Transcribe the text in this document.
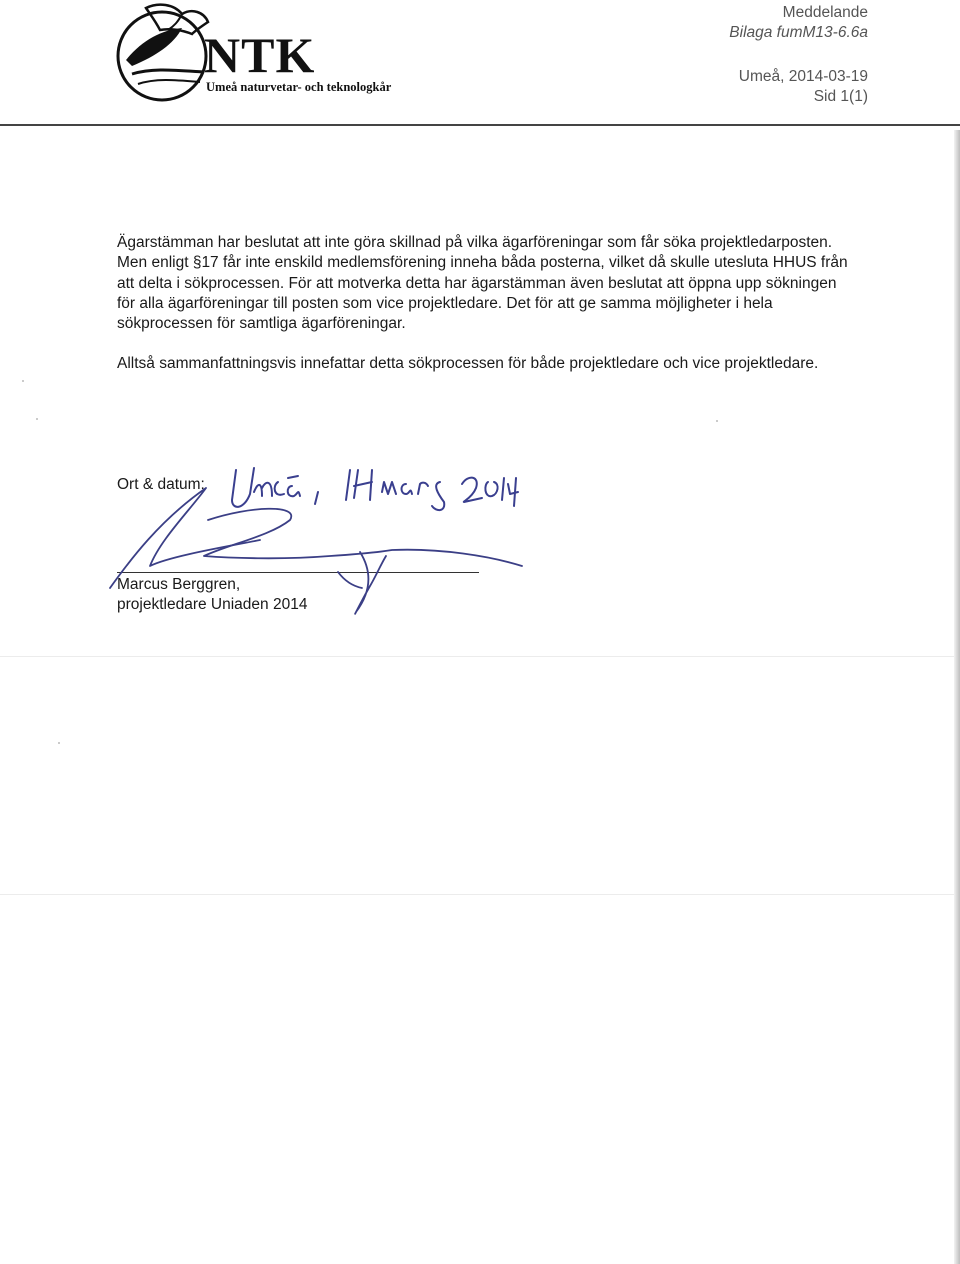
NTK
Umeå naturvetar- och teknologkår
Meddelande
Bilaga fumM13-6.6a
Umeå, 2014-03-19
Sid 1(1)

Ägarstämman har beslutat att inte göra skillnad på vilka ägarföreningar som får söka projektledarposten. Men enligt §17 får inte enskild medlemsförening inneha båda posterna, vilket då skulle utesluta HHUS från att delta i sökprocessen. För att motverka detta har ägarstämman även beslutat att öppna upp sökningen för alla ägarföreningar till posten som vice projektledare. Det för att ge samma möjligheter i hela sökprocessen för samtliga ägarföreningar.

Alltså sammanfattningsvis innefattar detta sökprocessen för både projektledare och vice projektledare.

Ort & datum:
Marcus Berggren,
projektledare Uniaden 2014
